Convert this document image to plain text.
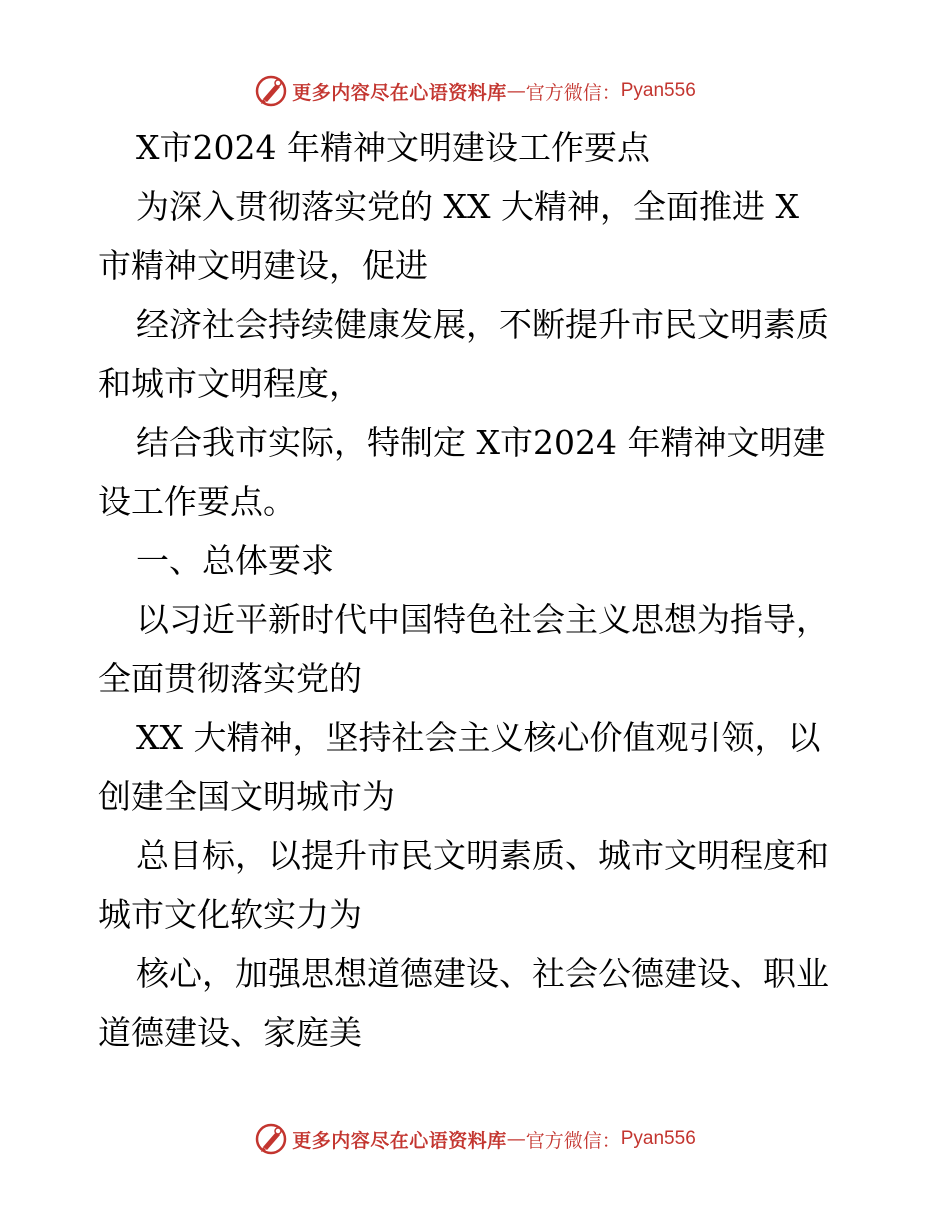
更多内容尽在心语资料库 — 官方微信： Pyan556
X市2024 年精神文明建设工作要点
为深入贯彻落实党的 XX 大精神，全面推进 X
市精神文明建设，促进
经济社会持续健康发展，不断提升市民文明素质
和城市文明程度，
结合我市实际，特制定 X市2024 年精神文明建
设工作要点。
一、总体要求
以习近平新时代中国特色社会主义思想为指导，
全面贯彻落实党的
XX 大精神，坚持社会主义核心价值观引领，以
创建全国文明城市为
总目标，以提升市民文明素质、城市文明程度和
城市文化软实力为
核心，加强思想道德建设、社会公德建设、职业
道德建设、家庭美
更多内容尽在心语资料库 — 官方微信： Pyan556
